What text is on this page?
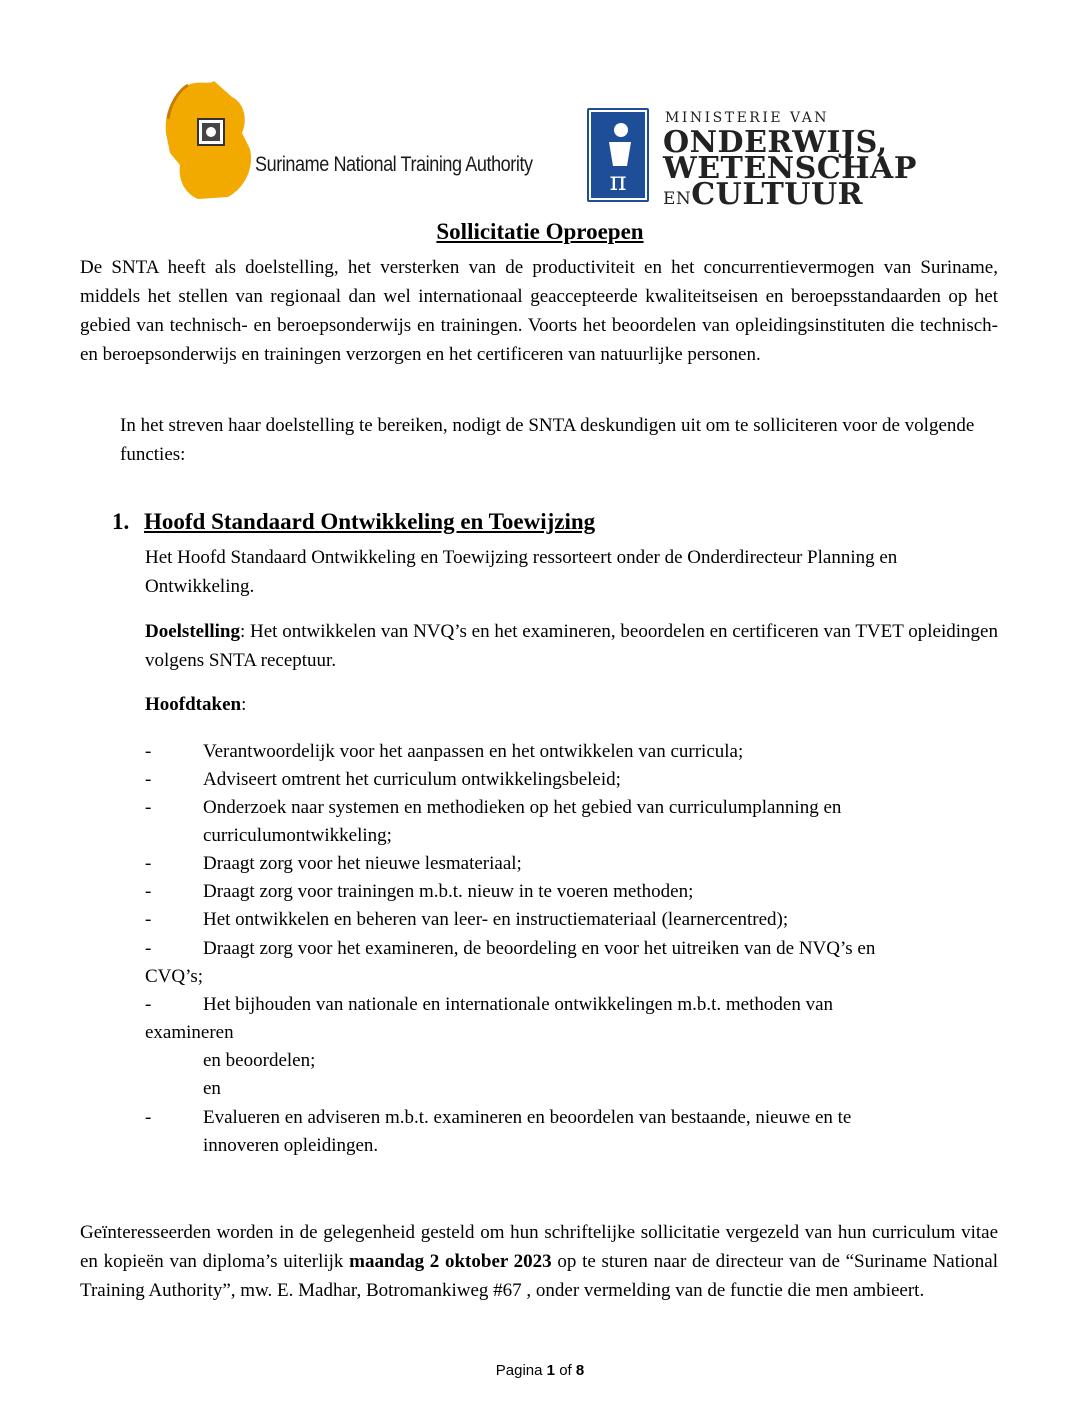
Suriname National Training Authority
π
MINISTERIE VAN
ONDERWIJS,
WETENSCHAP
ENCULTUUR
Sollicitatie Oproepen

De SNTA heeft als doelstelling, het versterken van de productiviteit en het concurrentievermogen van Suriname, middels het stellen van regionaal dan wel internationaal geaccepteerde kwaliteitseisen en beroepsstandaarden op het gebied van technisch- en beroepsonderwijs en trainingen. Voorts het beoordelen van opleidingsinstituten die technisch- en beroepsonderwijs en trainingen verzorgen en het certificeren van natuurlijke personen.

In het streven haar doelstelling te bereiken, nodigt de SNTA deskundigen uit om te solliciteren voor de volgende functies:

1. Hoofd Standaard Ontwikkeling en Toewijzing

Het Hoofd Standaard Ontwikkeling en Toewijzing ressorteert onder de Onderdirecteur Planning en Ontwikkeling.

Doelstelling: Het ontwikkelen van NVQ’s en het examineren, beoordelen en certificeren van TVET opleidingen volgens SNTA receptuur.

Hoofdtaken:

-	Verantwoordelijk voor het aanpassen en het ontwikkelen van curricula;
-	Adviseert omtrent het curriculum ontwikkelingsbeleid;
-	Onderzoek naar systemen en methodieken op het gebied van curriculumplanning en
curriculumontwikkeling;
-	Draagt zorg voor het nieuwe lesmateriaal;
-	Draagt zorg voor trainingen m.b.t. nieuw in te voeren methoden;
-	Het ontwikkelen en beheren van leer- en instructiemateriaal (learnercentred);
-	Draagt zorg voor het examineren, de beoordeling en voor het uitreiken van de NVQ’s en
CVQ’s;
-	Het bijhouden van nationale en internationale ontwikkelingen m.b.t. methoden van
examineren
en beoordelen;
en
-	Evalueren en adviseren m.b.t. examineren en beoordelen van bestaande, nieuwe en te
innoveren opleidingen.

Geïnteresseerden worden in de gelegenheid gesteld om hun schriftelijke sollicitatie vergezeld van hun curriculum vitae en kopieën van diploma’s uiterlijk maandag 2 oktober 2023 op te sturen naar de directeur van de “Suriname National Training Authority”, mw. E. Madhar, Botromankiweg #67 , onder vermelding van de functie die men ambieert.

Pagina 1 of 8
